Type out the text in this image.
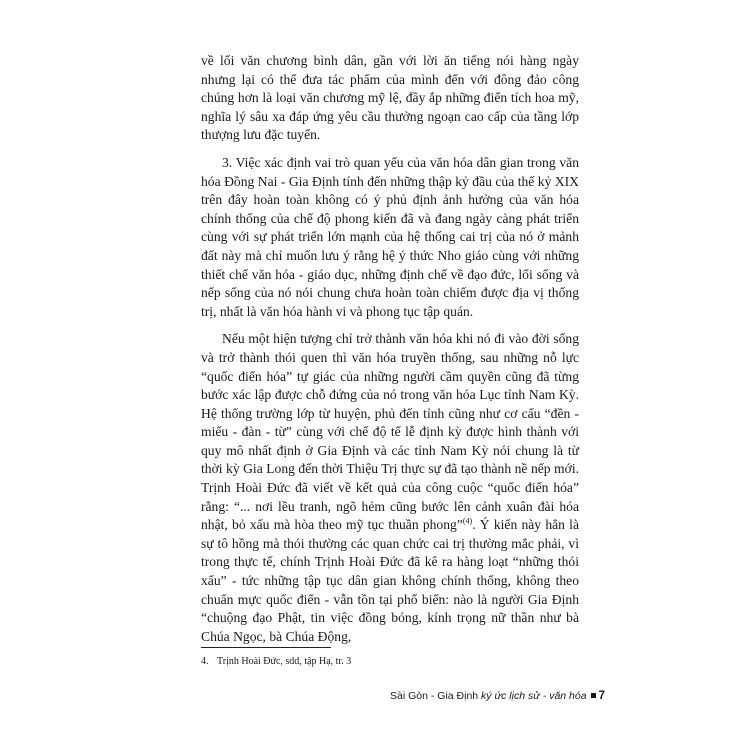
về lối văn chương bình dân, gần với lời ăn tiếng nói hàng ngày nhưng lại có thể đưa tác phẩm của mình đến với đông đảo công chúng hơn là loại văn chương mỹ lệ, đầy ắp những điển tích hoa mỹ, nghĩa lý sâu xa đáp ứng yêu cầu thưởng ngoạn cao cấp của tầng lớp thượng lưu đặc tuyển.

3. Việc xác định vai trò quan yếu của văn hóa dân gian trong văn hóa Đồng Nai - Gia Định tính đến những thập kỷ đầu của thế kỷ XIX trên đây hoàn toàn không có ý phủ định ảnh hưởng của văn hóa chính thống của chế độ phong kiến đã và đang ngày càng phát triển cùng với sự phát triển lớn mạnh của hệ thống cai trị của nó ở mảnh đất này mà chỉ muốn lưu ý rằng hệ ý thức Nho giáo cùng với những thiết chế văn hóa - giáo dục, những định chế về đạo đức, lối sống và nếp sống của nó nói chung chưa hoàn toàn chiếm được địa vị thống trị, nhất là văn hóa hành vi và phong tục tập quán.

Nếu một hiện tượng chỉ trở thành văn hóa khi nó đi vào đời sống và trở thành thói quen thì văn hóa truyền thống, sau những nỗ lực “quốc điển hóa” tự giác của những người cầm quyền cũng đã từng bước xác lập được chỗ đứng của nó trong văn hóa Lục tỉnh Nam Kỳ. Hệ thống trường lớp từ huyện, phủ đến tỉnh cũng như cơ cấu “đền - miếu - đàn - từ” cùng với chế độ tế lễ định kỳ được hình thành với quy mô nhất định ở Gia Định và các tỉnh Nam Kỳ nói chung là từ thời kỳ Gia Long đến thời Thiệu Trị thực sự đã tạo thành nề nếp mới. Trịnh Hoài Đức đã viết về kết quả của công cuộc “quốc điển hóa” rằng: “... nơi lều tranh, ngõ hẻm cũng bước lên cảnh xuân đài hóa nhật, bỏ xấu mà hòa theo mỹ tục thuần phong”$^{(4)}$. Ý kiến này hẳn là sự tô hồng mà thói thường các quan chức cai trị thường mắc phải, vì trong thực tế, chính Trịnh Hoài Đức đã kê ra hàng loạt “những thói xấu” - tức những tập tục dân gian không chính thống, không theo chuẩn mực quốc điển - vẫn tồn tại phổ biến: nào là người Gia Định “chuộng đạo Phật, tin việc đồng bóng, kính trọng nữ thần như bà Chúa Ngọc, bà Chúa Động,

4. Trịnh Hoài Đức, sdd, tập Hạ, tr. 3
Sài Gòn - Gia Định ký ức lịch sử - văn hóa 7
